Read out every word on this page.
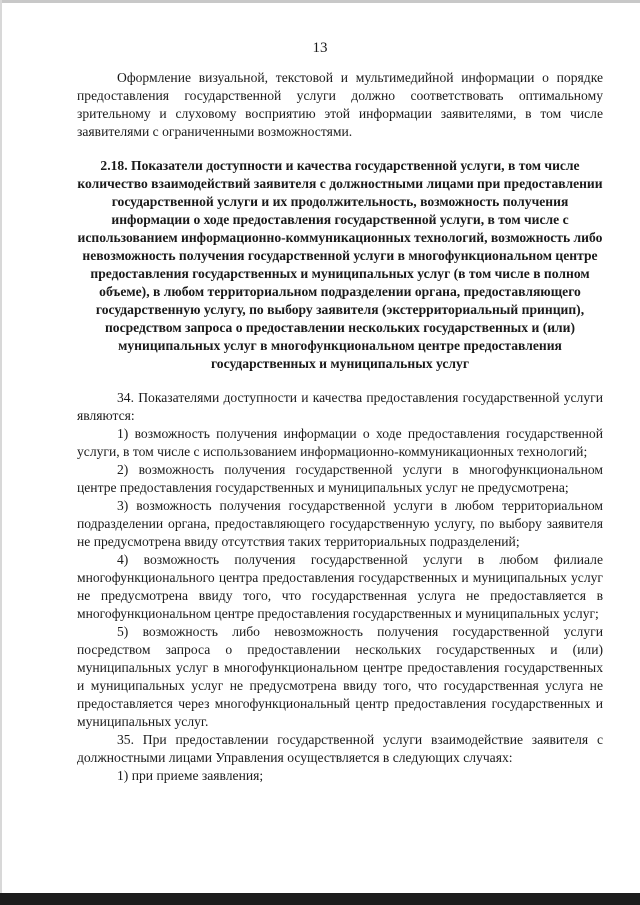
13

Оформление визуальной, текстовой и мультимедийной информации о порядке предоставления государственной услуги должно соответствовать оптимальному зрительному и слуховому восприятию этой информации заявителями, в том числе заявителями с ограниченными возможностями.

2.18. Показатели доступности и качества государственной услуги, в том числе количество взаимодействий заявителя с должностными лицами при предоставлении государственной услуги и их продолжительность, возможность получения информации о ходе предоставления государственной услуги, в том числе с использованием информационно-коммуникационных технологий, возможность либо невозможность получения государственной услуги в многофункциональном центре предоставления государственных и муниципальных услуг (в том числе в полном объеме), в любом территориальном подразделении органа, предоставляющего государственную услугу, по выбору заявителя (экстерриториальный принцип), посредством запроса о предоставлении нескольких государственных и (или) муниципальных услуг в многофункциональном центре предоставления государственных и муниципальных услуг

34. Показателями доступности и качества предоставления государственной услуги являются:

1) возможность получения информации о ходе предоставления государственной услуги, в том числе с использованием информационно-коммуникационных технологий;

2) возможность получения государственной услуги в многофункциональном центре предоставления государственных и муниципальных услуг не предусмотрена;

3) возможность получения государственной услуги в любом территориальном подразделении органа, предоставляющего государственную услугу, по выбору заявителя не предусмотрена ввиду отсутствия таких территориальных подразделений;

4) возможность получения государственной услуги в любом филиале многофункционального центра предоставления государственных и муниципальных услуг не предусмотрена ввиду того, что государственная услуга не предоставляется в многофункциональном центре предоставления государственных и муниципальных услуг;

5) возможность либо невозможность получения государственной услуги посредством запроса о предоставлении нескольких государственных и (или) муниципальных услуг в многофункциональном центре предоставления государственных и муниципальных услуг не предусмотрена ввиду того, что государственная услуга не предоставляется через многофункциональный центр предоставления государственных и муниципальных услуг.

35. При предоставлении государственной услуги взаимодействие заявителя с должностными лицами Управления осуществляется в следующих случаях:

1) при приеме заявления;
